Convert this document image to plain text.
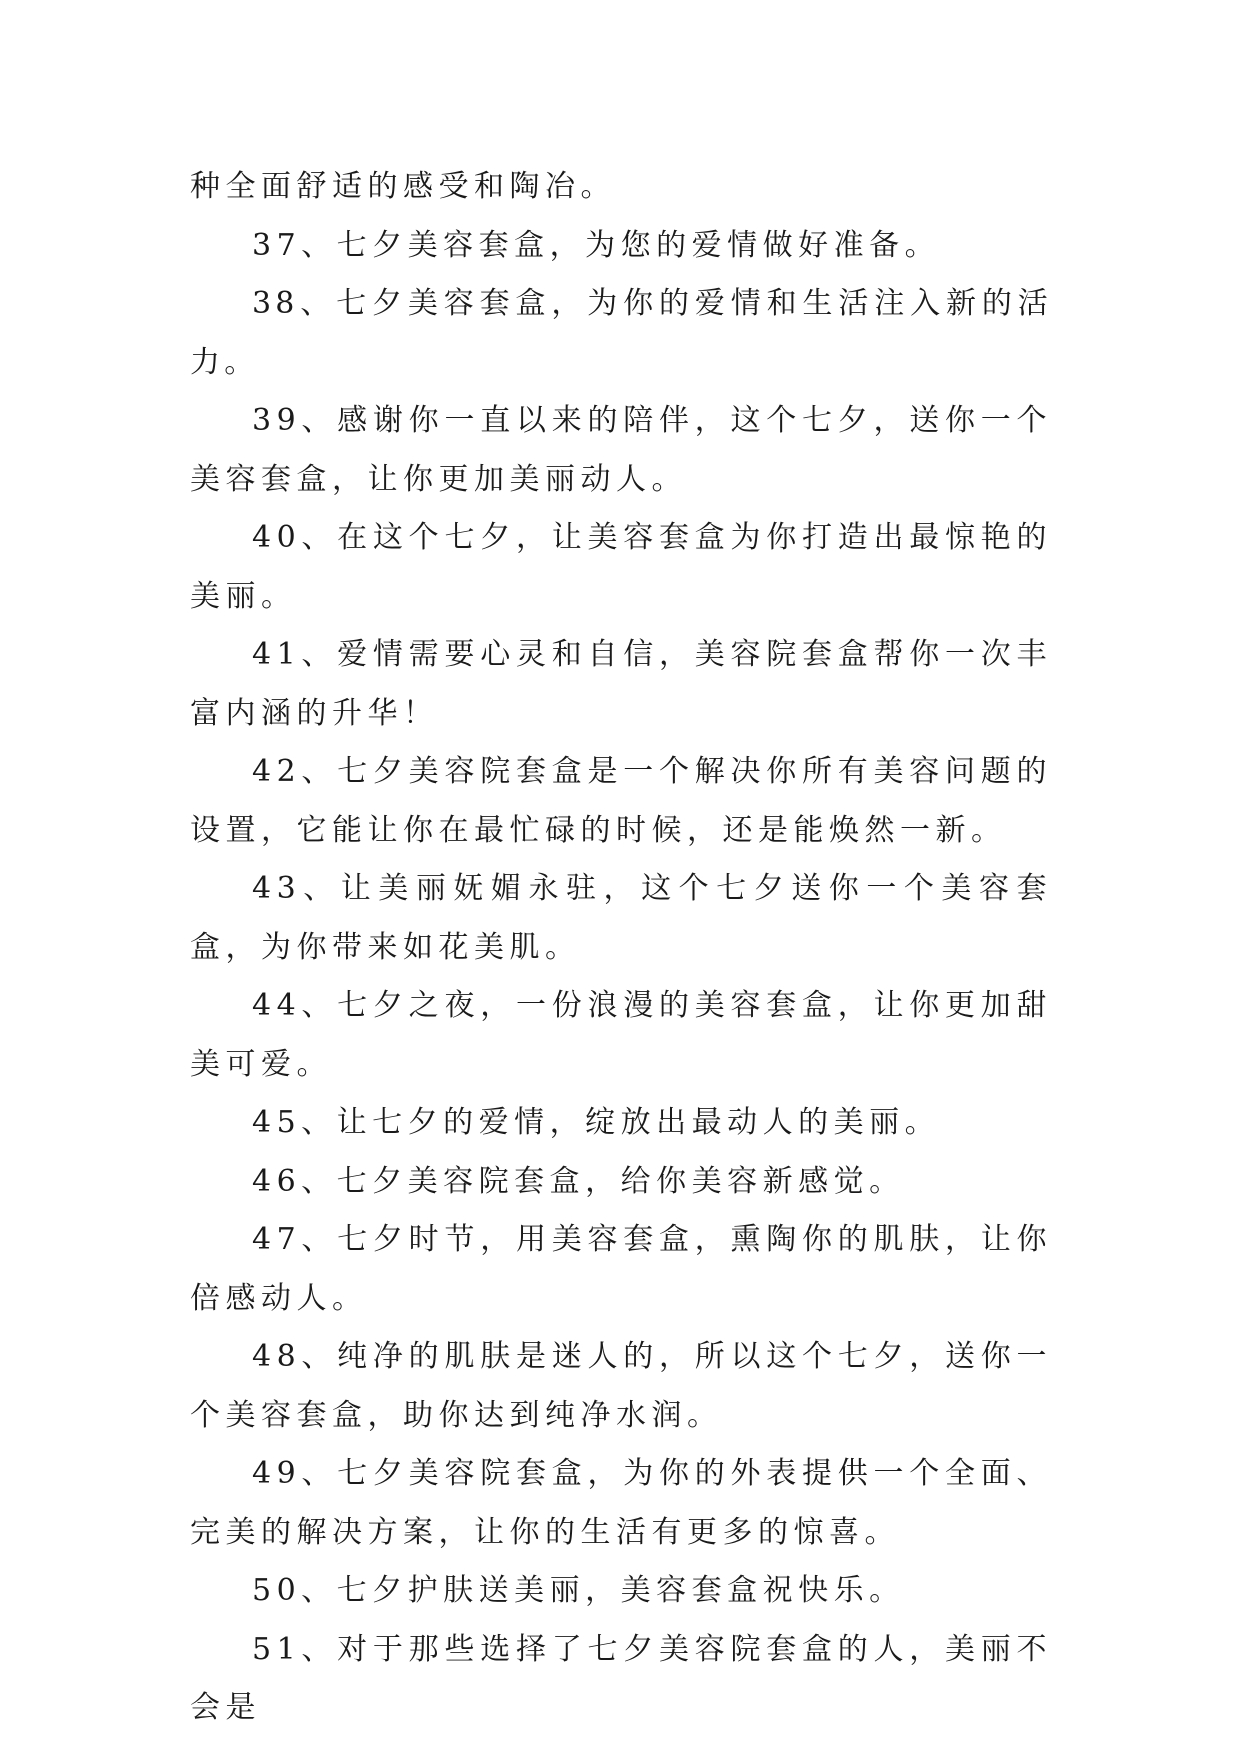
种全面舒适的感受和陶冶。

37、七夕美容套盒，为您的爱情做好准备。

38、七夕美容套盒，为你的爱情和生活注入新的活力。

39、感谢你一直以来的陪伴，这个七夕，送你一个美容套盒，让你更加美丽动人。

40、在这个七夕，让美容套盒为你打造出最惊艳的美丽。

41、爱情需要心灵和自信，美容院套盒帮你一次丰富内涵的升华！

42、七夕美容院套盒是一个解决你所有美容问题的设置，它能让你在最忙碌的时候，还是能焕然一新。

43、让美丽妩媚永驻，这个七夕送你一个美容套盒，为你带来如花美肌。

44、七夕之夜，一份浪漫的美容套盒，让你更加甜美可爱。

45、让七夕的爱情，绽放出最动人的美丽。

46、七夕美容院套盒，给你美容新感觉。

47、七夕时节，用美容套盒，熏陶你的肌肤，让你倍感动人。

48、纯净的肌肤是迷人的，所以这个七夕，送你一个美容套盒，助你达到纯净水润。

49、七夕美容院套盒，为你的外表提供一个全面、完美的解决方案，让你的生活有更多的惊喜。

50、七夕护肤送美丽，美容套盒祝快乐。

51、对于那些选择了七夕美容院套盒的人，美丽不会是
